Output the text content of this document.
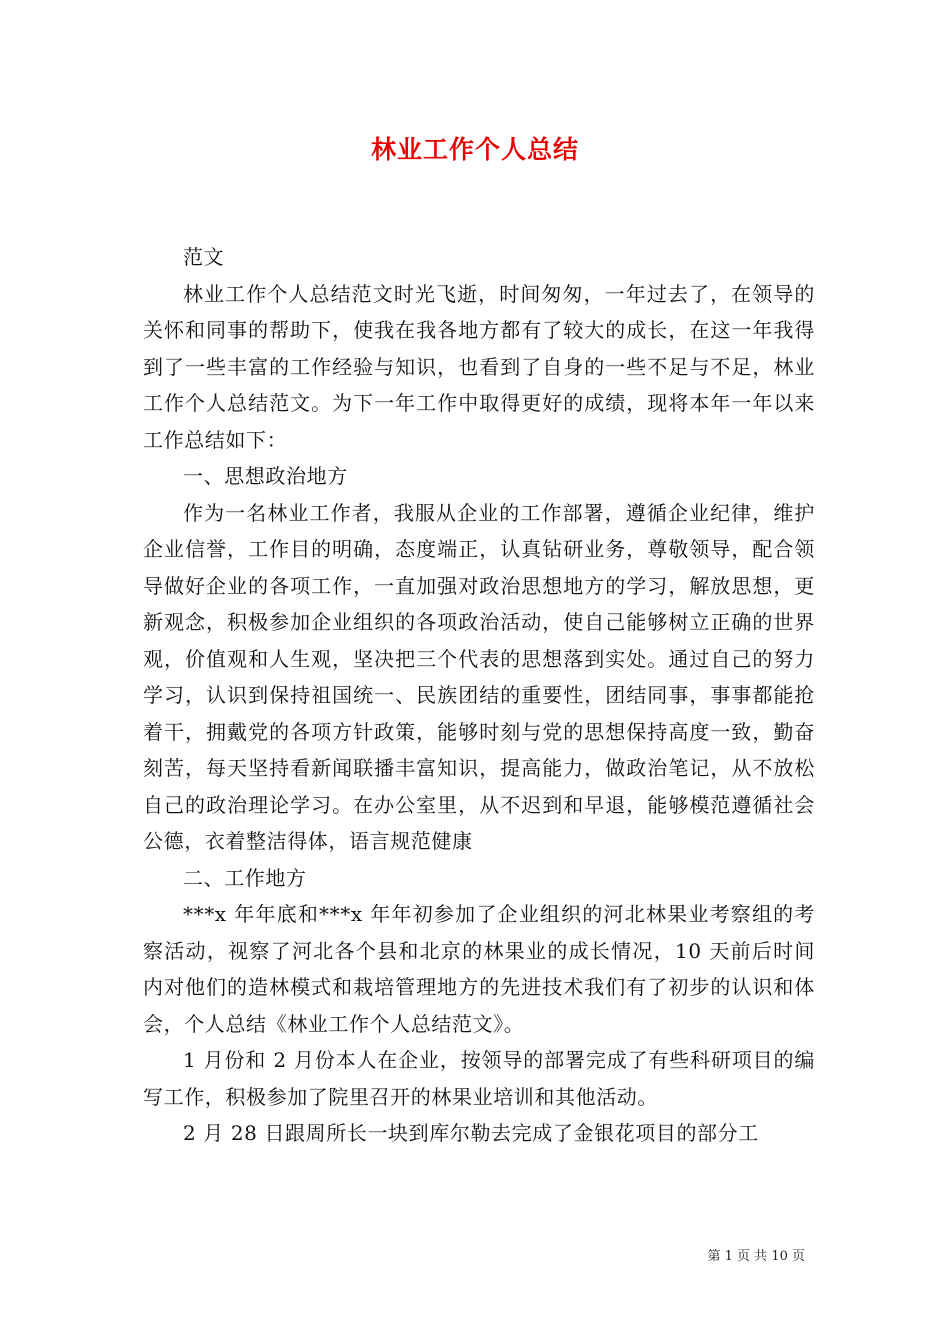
林业工作个人总结

范文

林业工作个人总结范文时光飞逝，时间匆匆，一年过去了，在领导的关怀和同事的帮助下，使我在我各地方都有了较大的成长，在这一年我得到了一些丰富的工作经验与知识，也看到了自身的一些不足与不足，林业工作个人总结范文。为下一年工作中取得更好的成绩，现将本年一年以来工作总结如下：

一、思想政治地方

作为一名林业工作者，我服从企业的工作部署，遵循企业纪律，维护企业信誉，工作目的明确，态度端正，认真钻研业务，尊敬领导，配合领导做好企业的各项工作，一直加强对政治思想地方的学习，解放思想，更新观念，积极参加企业组织的各项政治活动，使自己能够树立正确的世界观，价值观和人生观，坚决把三个代表的思想落到实处。通过自己的努力学习，认识到保持祖国统一、民族团结的重要性，团结同事，事事都能抢着干，拥戴党的各项方针政策，能够时刻与党的思想保持高度一致，勤奋刻苦，每天坚持看新闻联播丰富知识，提高能力，做政治笔记，从不放松自己的政治理论学习。在办公室里，从不迟到和早退，能够模范遵循社会公德，衣着整洁得体，语言规范健康

二、工作地方

***x 年年底和***x 年年初参加了企业组织的河北林果业考察组的考察活动，视察了河北各个县和北京的林果业的成长情况，10 天前后时间内对他们的造林模式和栽培管理地方的先进技术我们有了初步的认识和体会，个人总结《林业工作个人总结范文》。

1 月份和 2 月份本人在企业，按领导的部署完成了有些科研项目的编写工作，积极参加了院里召开的林果业培训和其他活动。

2 月 28 日跟周所长一块到库尔勒去完成了金银花项目的部分工

第 1 页 共 10 页
